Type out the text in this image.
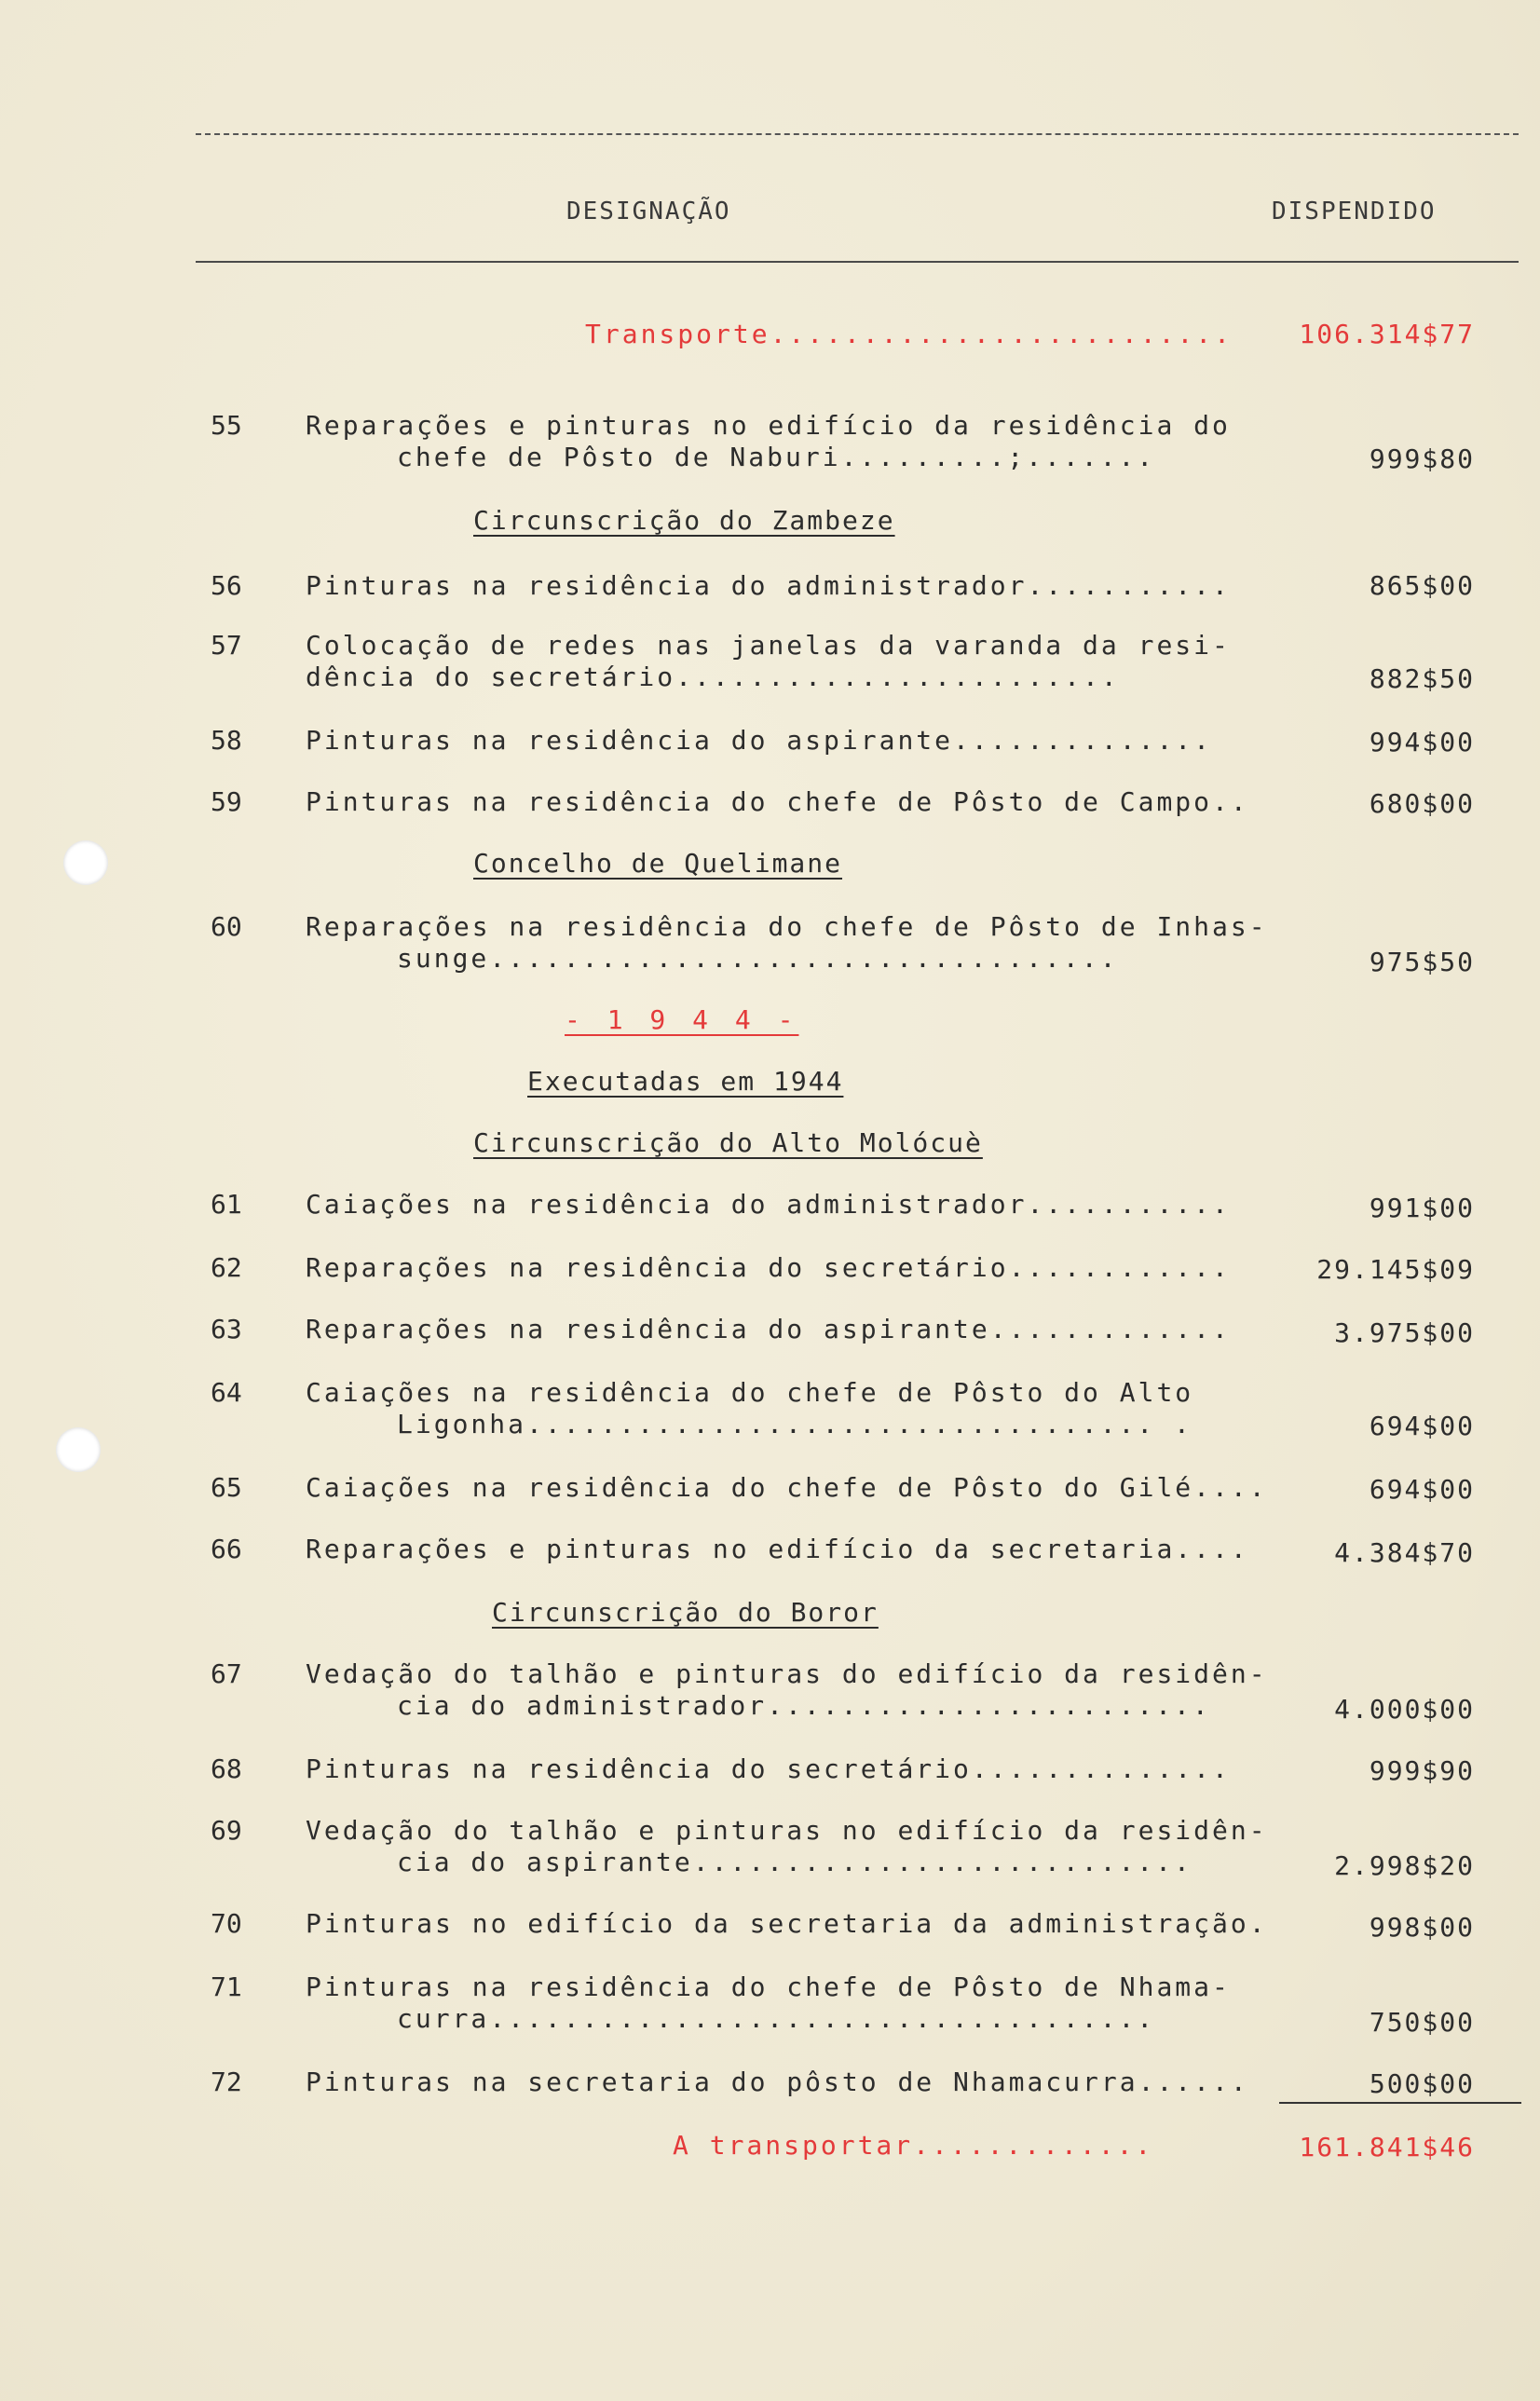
DESIGNAÇÃO	DISPENDIDO
Transporte.........................	106.314$77
55 Reparações e pinturas no edifício da residência do
chefe de Pôsto de Naburi.........;.......	999$80
Circunscrição do Zambeze
56 Pinturas na residência do administrador...........	865$00
57 Colocação de redes nas janelas da varanda da resi-
dência do secretário........................	882$50
58 Pinturas na residência do aspirante..............	994$00
59 Pinturas na residência do chefe de Pôsto de Campo..	680$00
Concelho de Quelimane
60 Reparações na residência do chefe de Pôsto de Inhas-
sunge..................................	975$50
- 1 9 4 4 -
Executadas em 1944
Circunscrição do Alto Molócuè
61 Caiações na residência do administrador...........	991$00
62 Reparações na residência do secretário............	29.145$09
63 Reparações na residência do aspirante.............	3.975$00
64 Caiações na residência do chefe de Pôsto do Alto
Ligonha.................................. .	694$00
65 Caiações na residência do chefe de Pôsto do Gilé....	694$00
66 Reparações e pinturas no edifício da secretaria....	4.384$70
Circunscrição do Boror
67 Vedação do talhão e pinturas do edifício da residên-
cia do administrador........................	4.000$00
68 Pinturas na residência do secretário..............	999$90
69 Vedação do talhão e pinturas no edifício da residên-
cia do aspirante...........................	2.998$20
70 Pinturas no edifício da secretaria da administração.	998$00
71 Pinturas na residência do chefe de Pôsto de Nhama-
curra....................................	750$00
72 Pinturas na secretaria do pôsto de Nhamacurra......	500$00
A transportar.............	161.841$46
